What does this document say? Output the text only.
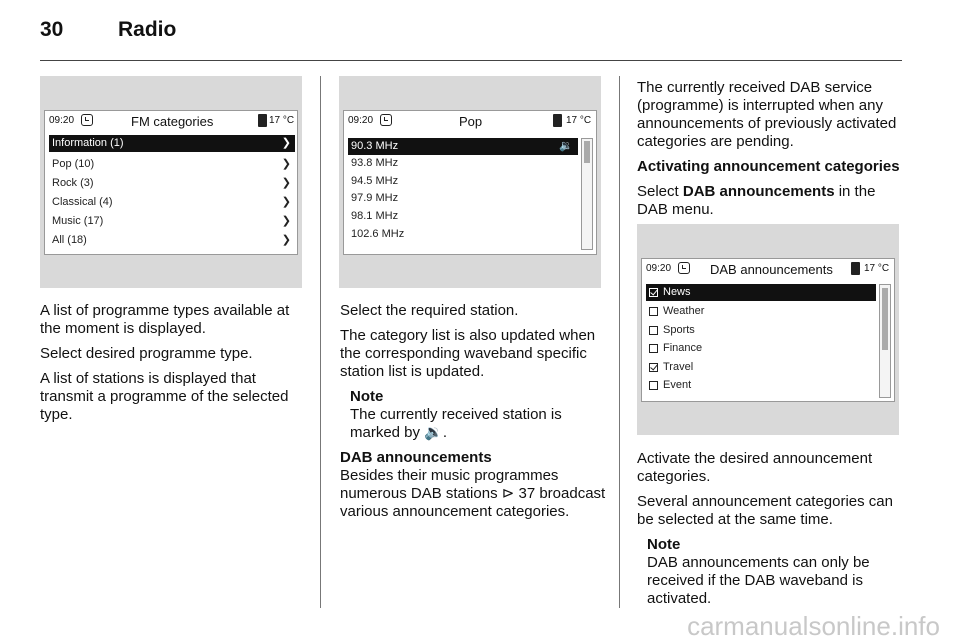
30	Radio
09:20	FM categories	17 °C
Information (1)	❯
Pop (10)	❯
Rock (3)	❯
Classical (4)	❯
Music (17)	❯
All (18)	❯

A list of programme types available at the moment is displayed.

Select desired programme type.

A list of stations is displayed that transmit a programme of the selected type.

09:20	Pop	17 °C
90.3 MHz	🔉
93.8 MHz
94.5 MHz
97.9 MHz
98.1 MHz
102.6 MHz

Select the required station.

The category list is also updated when the corresponding waveband specific station list is updated.

Note
The currently received station is marked by 🔉.
DAB announcements

Besides their music programmes numerous DAB stations ⊳ 37 broadcast various announcement categories.

The currently received DAB service (programme) is interrupted when any announcements of previously activated categories are pending.

Activating announcement categories

Select DAB announcements in the DAB menu.

09:20	DAB announcements	17 °C
News
Weather
Sports
Finance
Travel
Event

Activate the desired announcement categories.

Several announcement categories can be selected at the same time.

Note
DAB announcements can only be received if the DAB waveband is activated.
carmanualsonline.info
